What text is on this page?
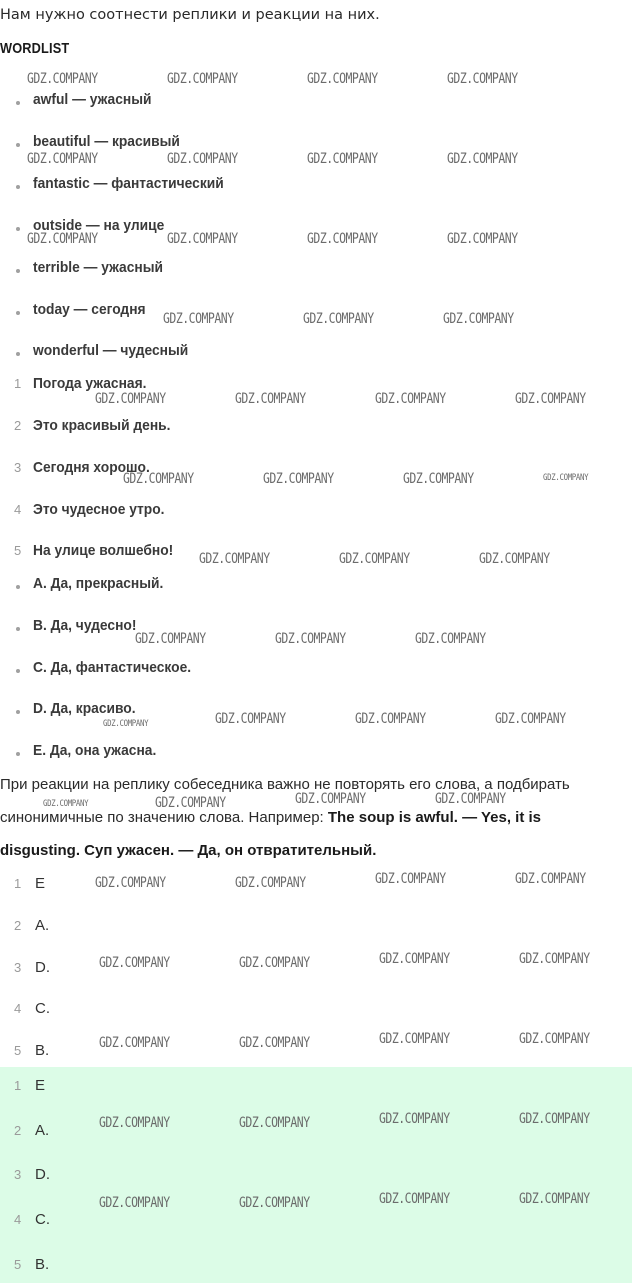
Нам нужно соотнести реплики и реакции на них.
WORDLIST
awful — ужасный
beautiful — красивый
fantastic — фантастический
outside — на улице
terrible — ужасный
today — сегодня
wonderful — чудесный
1 Погода ужасная.
2 Это красивый день.
3 Сегодня хорошо.
4 Это чудесное утро.
5 На улице волшебно!
A. Да, прекрасный.
B. Да, чудесно!
C. Да, фантастическое.
D. Да, красиво.
E. Да, она ужасна.
При реакции на реплику собеседника важно не повторять его слова, а подбирать синонимичные по значению слова. Например: The soup is awful. — Yes, it is disgusting. Суп ужасен. — Да, он отвратительный.
1 E
2 A.
3 D.
4 C.
5 B.
1 E
2 A.
3 D.
4 C.
5 B.
GDZ.COMPANY	GDZ.COMPANY	GDZ.COMPANY	GDZ.COMPANY
GDZ.COMPANY	GDZ.COMPANY	GDZ.COMPANY	GDZ.COMPANY
GDZ.COMPANY	GDZ.COMPANY	GDZ.COMPANY	GDZ.COMPANY
GDZ.COMPANY	GDZ.COMPANY	GDZ.COMPANY
GDZ.COMPANY	GDZ.COMPANY	GDZ.COMPANY	GDZ.COMPANY
GDZ.COMPANY	GDZ.COMPANY	GDZ.COMPANY	GDZ.COMPANY
GDZ.COMPANY	GDZ.COMPANY	GDZ.COMPANY
GDZ.COMPANY	GDZ.COMPANY	GDZ.COMPANY
GDZ.COMPANY	GDZ.COMPANY	GDZ.COMPANY	GDZ.COMPANY
GDZ.COMPANY	GDZ.COMPANY	GDZ.COMPANY	GDZ.COMPANY
GDZ.COMPANY	GDZ.COMPANY	GDZ.COMPANY	GDZ.COMPANY
GDZ.COMPANY	GDZ.COMPANY	GDZ.COMPANY	GDZ.COMPANY
GDZ.COMPANY	GDZ.COMPANY	GDZ.COMPANY	GDZ.COMPANY
GDZ.COMPANY	GDZ.COMPANY	GDZ.COMPANY	GDZ.COMPANY
GDZ.COMPANY	GDZ.COMPANY	GDZ.COMPANY	GDZ.COMPANY
